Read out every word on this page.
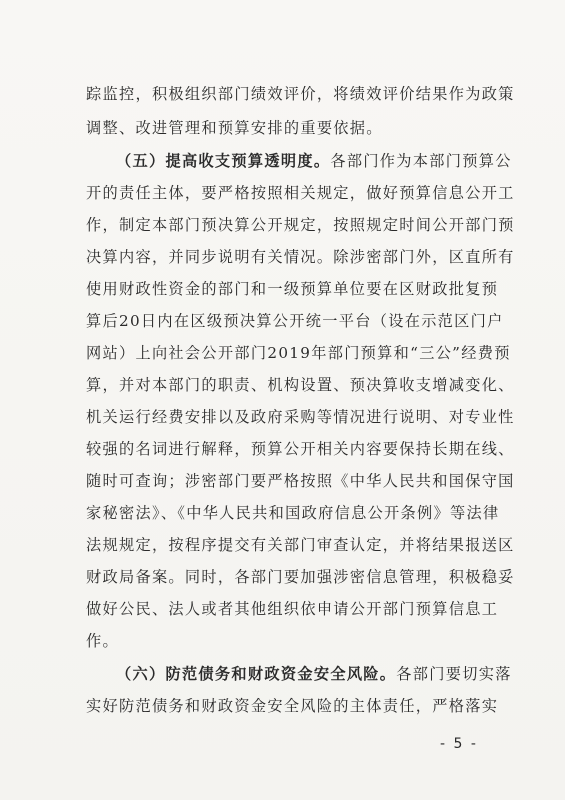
踪监控，积极组织部门绩效评价，将绩效评价结果作为政策
调整、改进管理和预算安排的重要依据。
（五）提高收支预算透明度。各部门作为本部门预算公
开的责任主体，要严格按照相关规定，做好预算信息公开工
作，制定本部门预决算公开规定，按照规定时间公开部门预
决算内容，并同步说明有关情况。除涉密部门外，区直所有
使用财政性资金的部门和一级预算单位要在区财政批复预
算后20日内在区级预决算公开统一平台（设在示范区门户
网站）上向社会公开部门2019年部门预算和“三公”经费预
算，并对本部门的职责、机构设置、预决算收支增减变化、
机关运行经费安排以及政府采购等情况进行说明、对专业性
较强的名词进行解释，预算公开相关内容要保持长期在线、
随时可查询；涉密部门要严格按照《中华人民共和国保守国
家秘密法》、《中华人民共和国政府信息公开条例》等法律
法规规定，按程序提交有关部门审查认定，并将结果报送区
财政局备案。同时，各部门要加强涉密信息管理，积极稳妥
做好公民、法人或者其他组织依申请公开部门预算信息工
作。
（六）防范债务和财政资金安全风险。各部门要切实落
实好防范债务和财政资金安全风险的主体责任，严格落实
- 5 -
